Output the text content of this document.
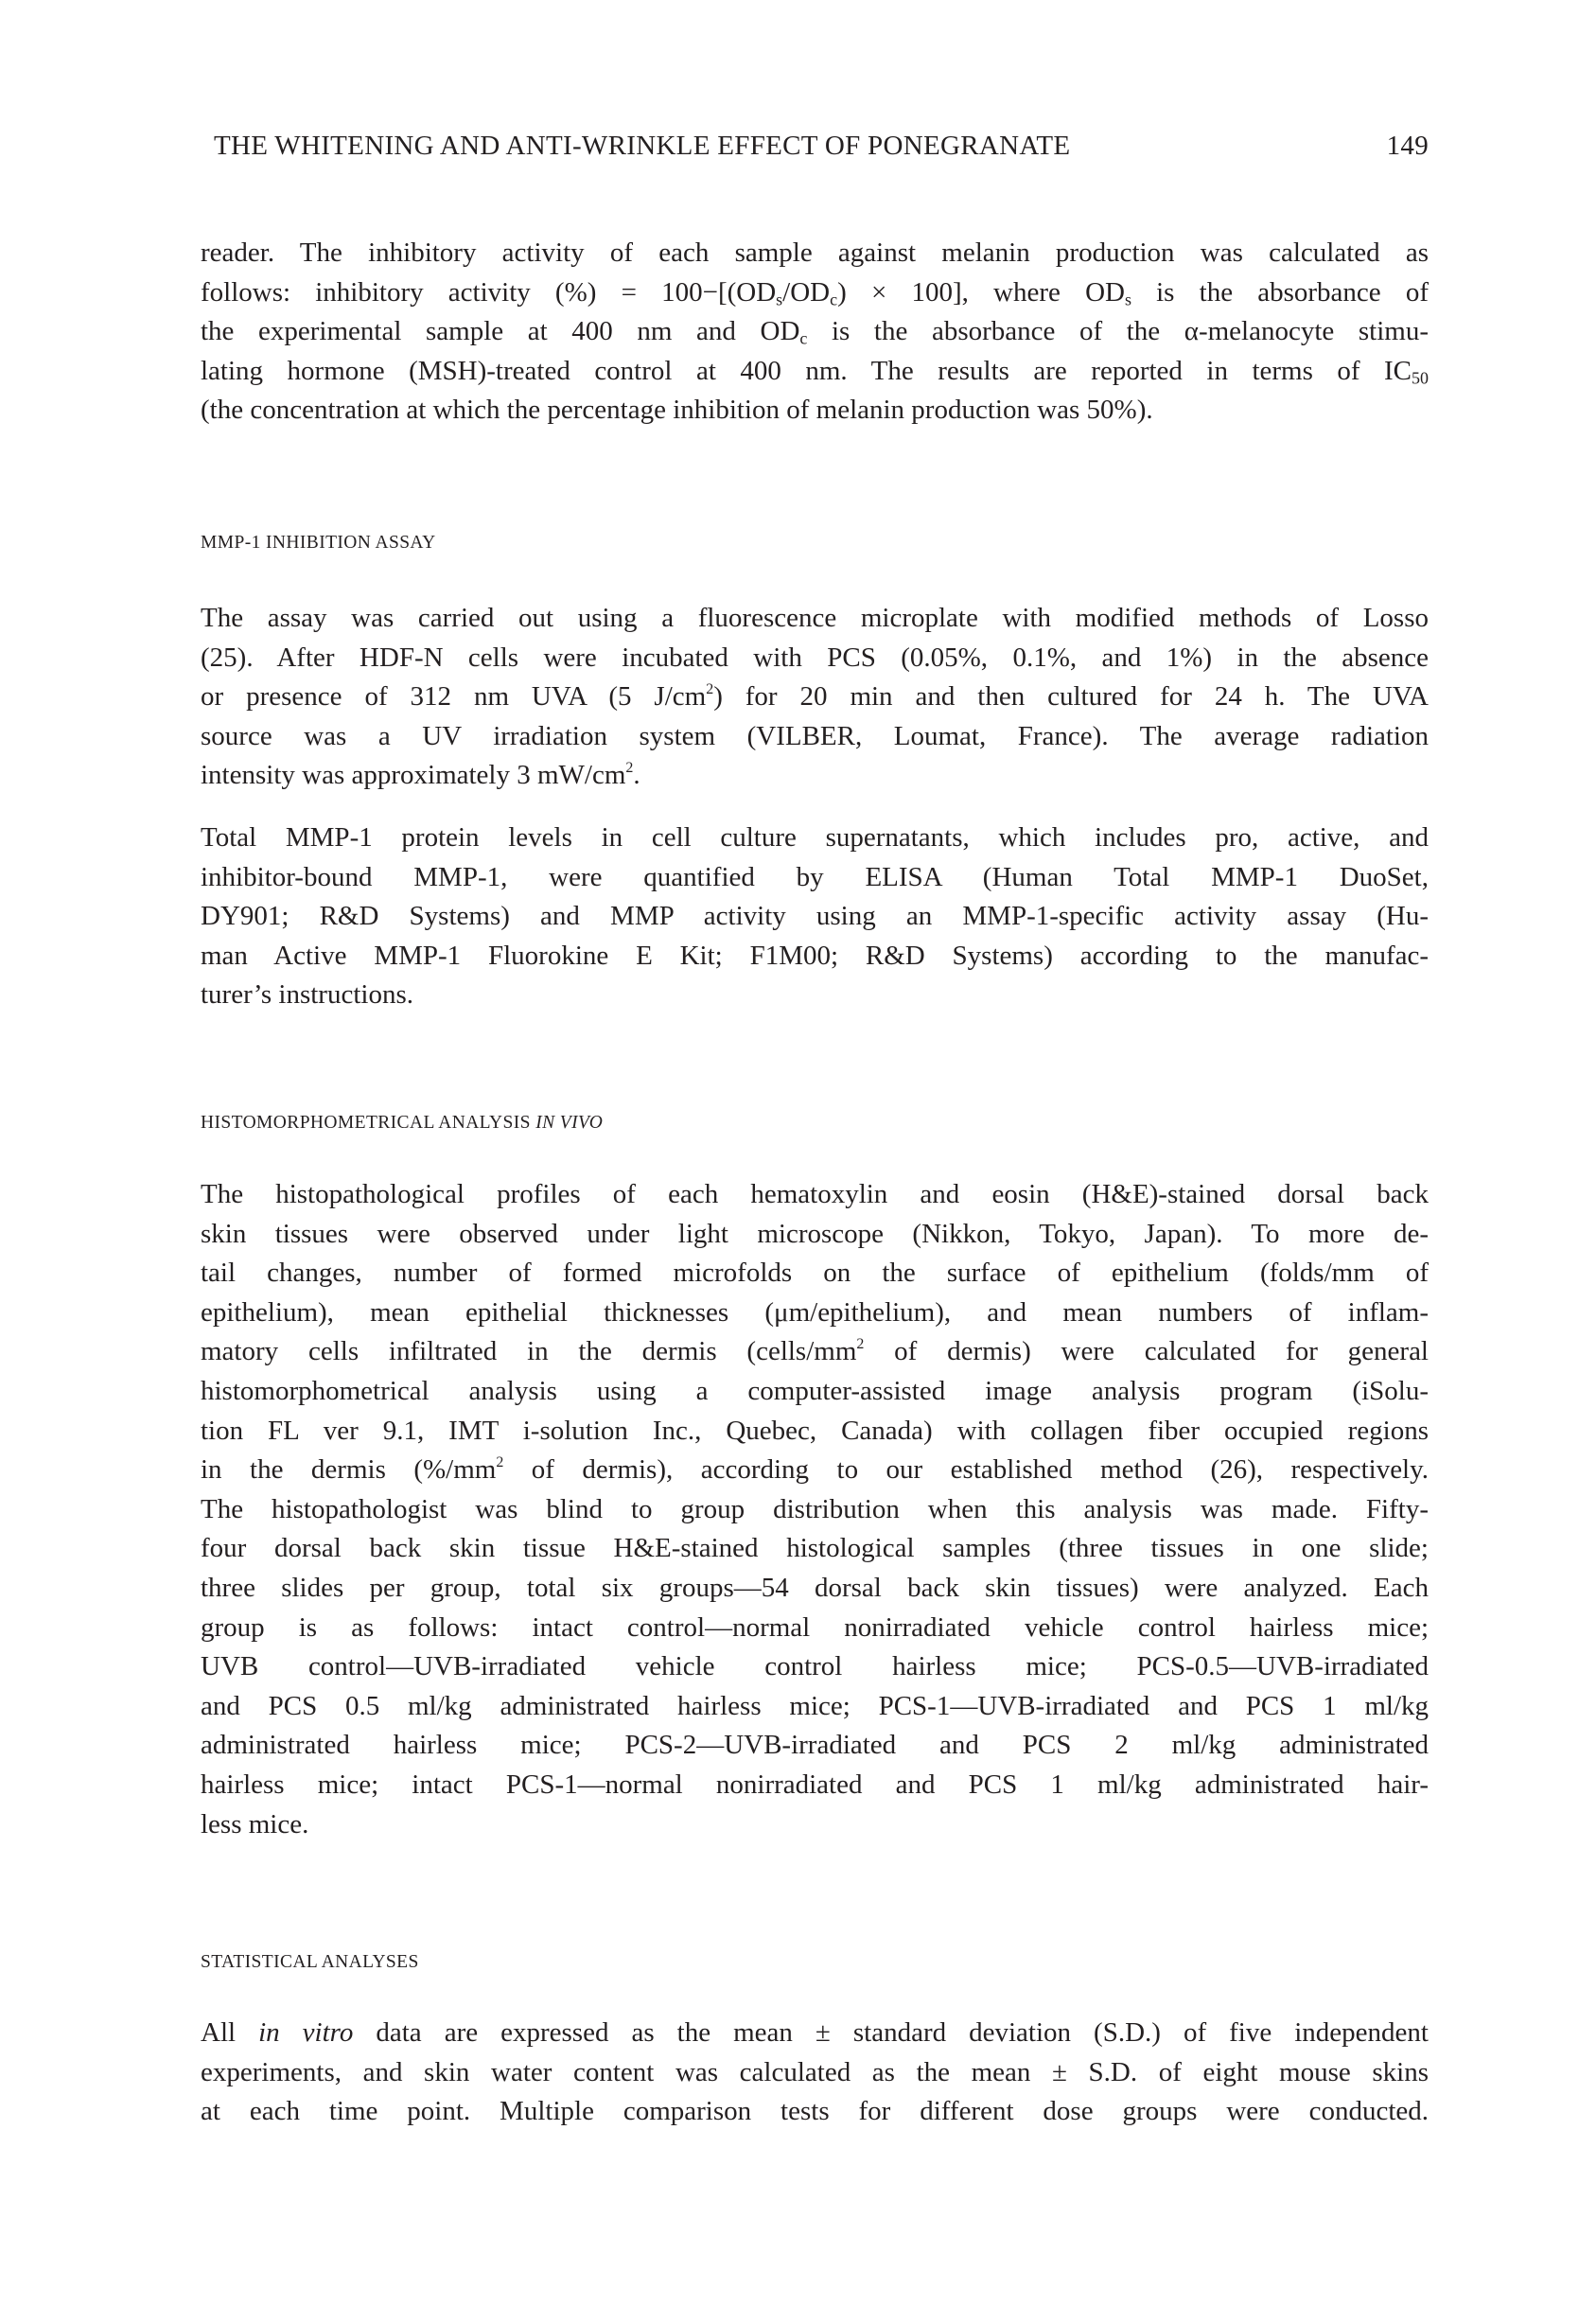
THE WHITENING AND ANTI-WRINKLE EFFECT OF PONEGRANATE	149
reader. The inhibitory activity of each sample against melanin production was calculated as
follows: inhibitory activity (%) = $100-[(OD_s/OD_c) \times 100]$, where $OD_s$ is the absorbance of
the experimental sample at 400 nm and $OD_c$ is the absorbance of the α-melanocyte stimu-
lating hormone (MSH)-treated control at 400 nm. The results are reported in terms of $IC_{50}$
(the concentration at which the percentage inhibition of melanin production was 50%).
MMP-1 INHIBITION ASSAY
The assay was carried out using a fluorescence microplate with modified methods of Losso
(25). After HDF-N cells were incubated with PCS (0.05%, 0.1%, and 1%) in the absence
or presence of 312 nm UVA (5 $J/cm^2$) for 20 min and then cultured for 24 h. The UVA
source was a UV irradiation system (VILBER, Loumat, France). The average radiation
intensity was approximately 3 $mW/cm^2$.
Total MMP-1 protein levels in cell culture supernatants, which includes pro, active, and
inhibitor-bound MMP-1, were quantified by ELISA (Human Total MMP-1 DuoSet,
DY901; R&D Systems) and MMP activity using an MMP-1-specific activity assay (Hu-
man Active MMP-1 Fluorokine E Kit; F1M00; R&D Systems) according to the manufac-
turer’s instructions.
HISTOMORPHOMETRICAL ANALYSIS IN VIVO
The histopathological profiles of each hematoxylin and eosin (H&E)-stained dorsal back
skin tissues were observed under light microscope (Nikkon, Tokyo, Japan). To more de-
tail changes, number of formed microfolds on the surface of epithelium (folds/mm of
epithelium), mean epithelial thicknesses (μm/epithelium), and mean numbers of inflam-
matory cells infiltrated in the dermis ($cells/mm^2$ of dermis) were calculated for general
histomorphometrical analysis using a computer-assisted image analysis program (iSolu-
tion FL ver 9.1, IMT i-solution Inc., Quebec, Canada) with collagen fiber occupied regions
in the dermis ($\%/mm^2$ of dermis), according to our established method (26), respectively.
The histopathologist was blind to group distribution when this analysis was made. Fifty-
four dorsal back skin tissue H&E-stained histological samples (three tissues in one slide;
three slides per group, total six groups—54 dorsal back skin tissues) were analyzed. Each
group is as follows: intact control—normal nonirradiated vehicle control hairless mice;
UVB control—UVB-irradiated vehicle control hairless mice; PCS-0.5—UVB-irradiated
and PCS 0.5 ml/kg administrated hairless mice; PCS-1—UVB-irradiated and PCS 1 ml/kg
administrated hairless mice; PCS-2—UVB-irradiated and PCS 2 ml/kg administrated
hairless mice; intact PCS-1—normal nonirradiated and PCS 1 ml/kg administrated hair-
less mice.
STATISTICAL ANALYSES
All in vitro data are expressed as the mean ± standard deviation (S.D.) of five independent
experiments, and skin water content was calculated as the mean ± S.D. of eight mouse skins
at each time point. Multiple comparison tests for different dose groups were conducted.
